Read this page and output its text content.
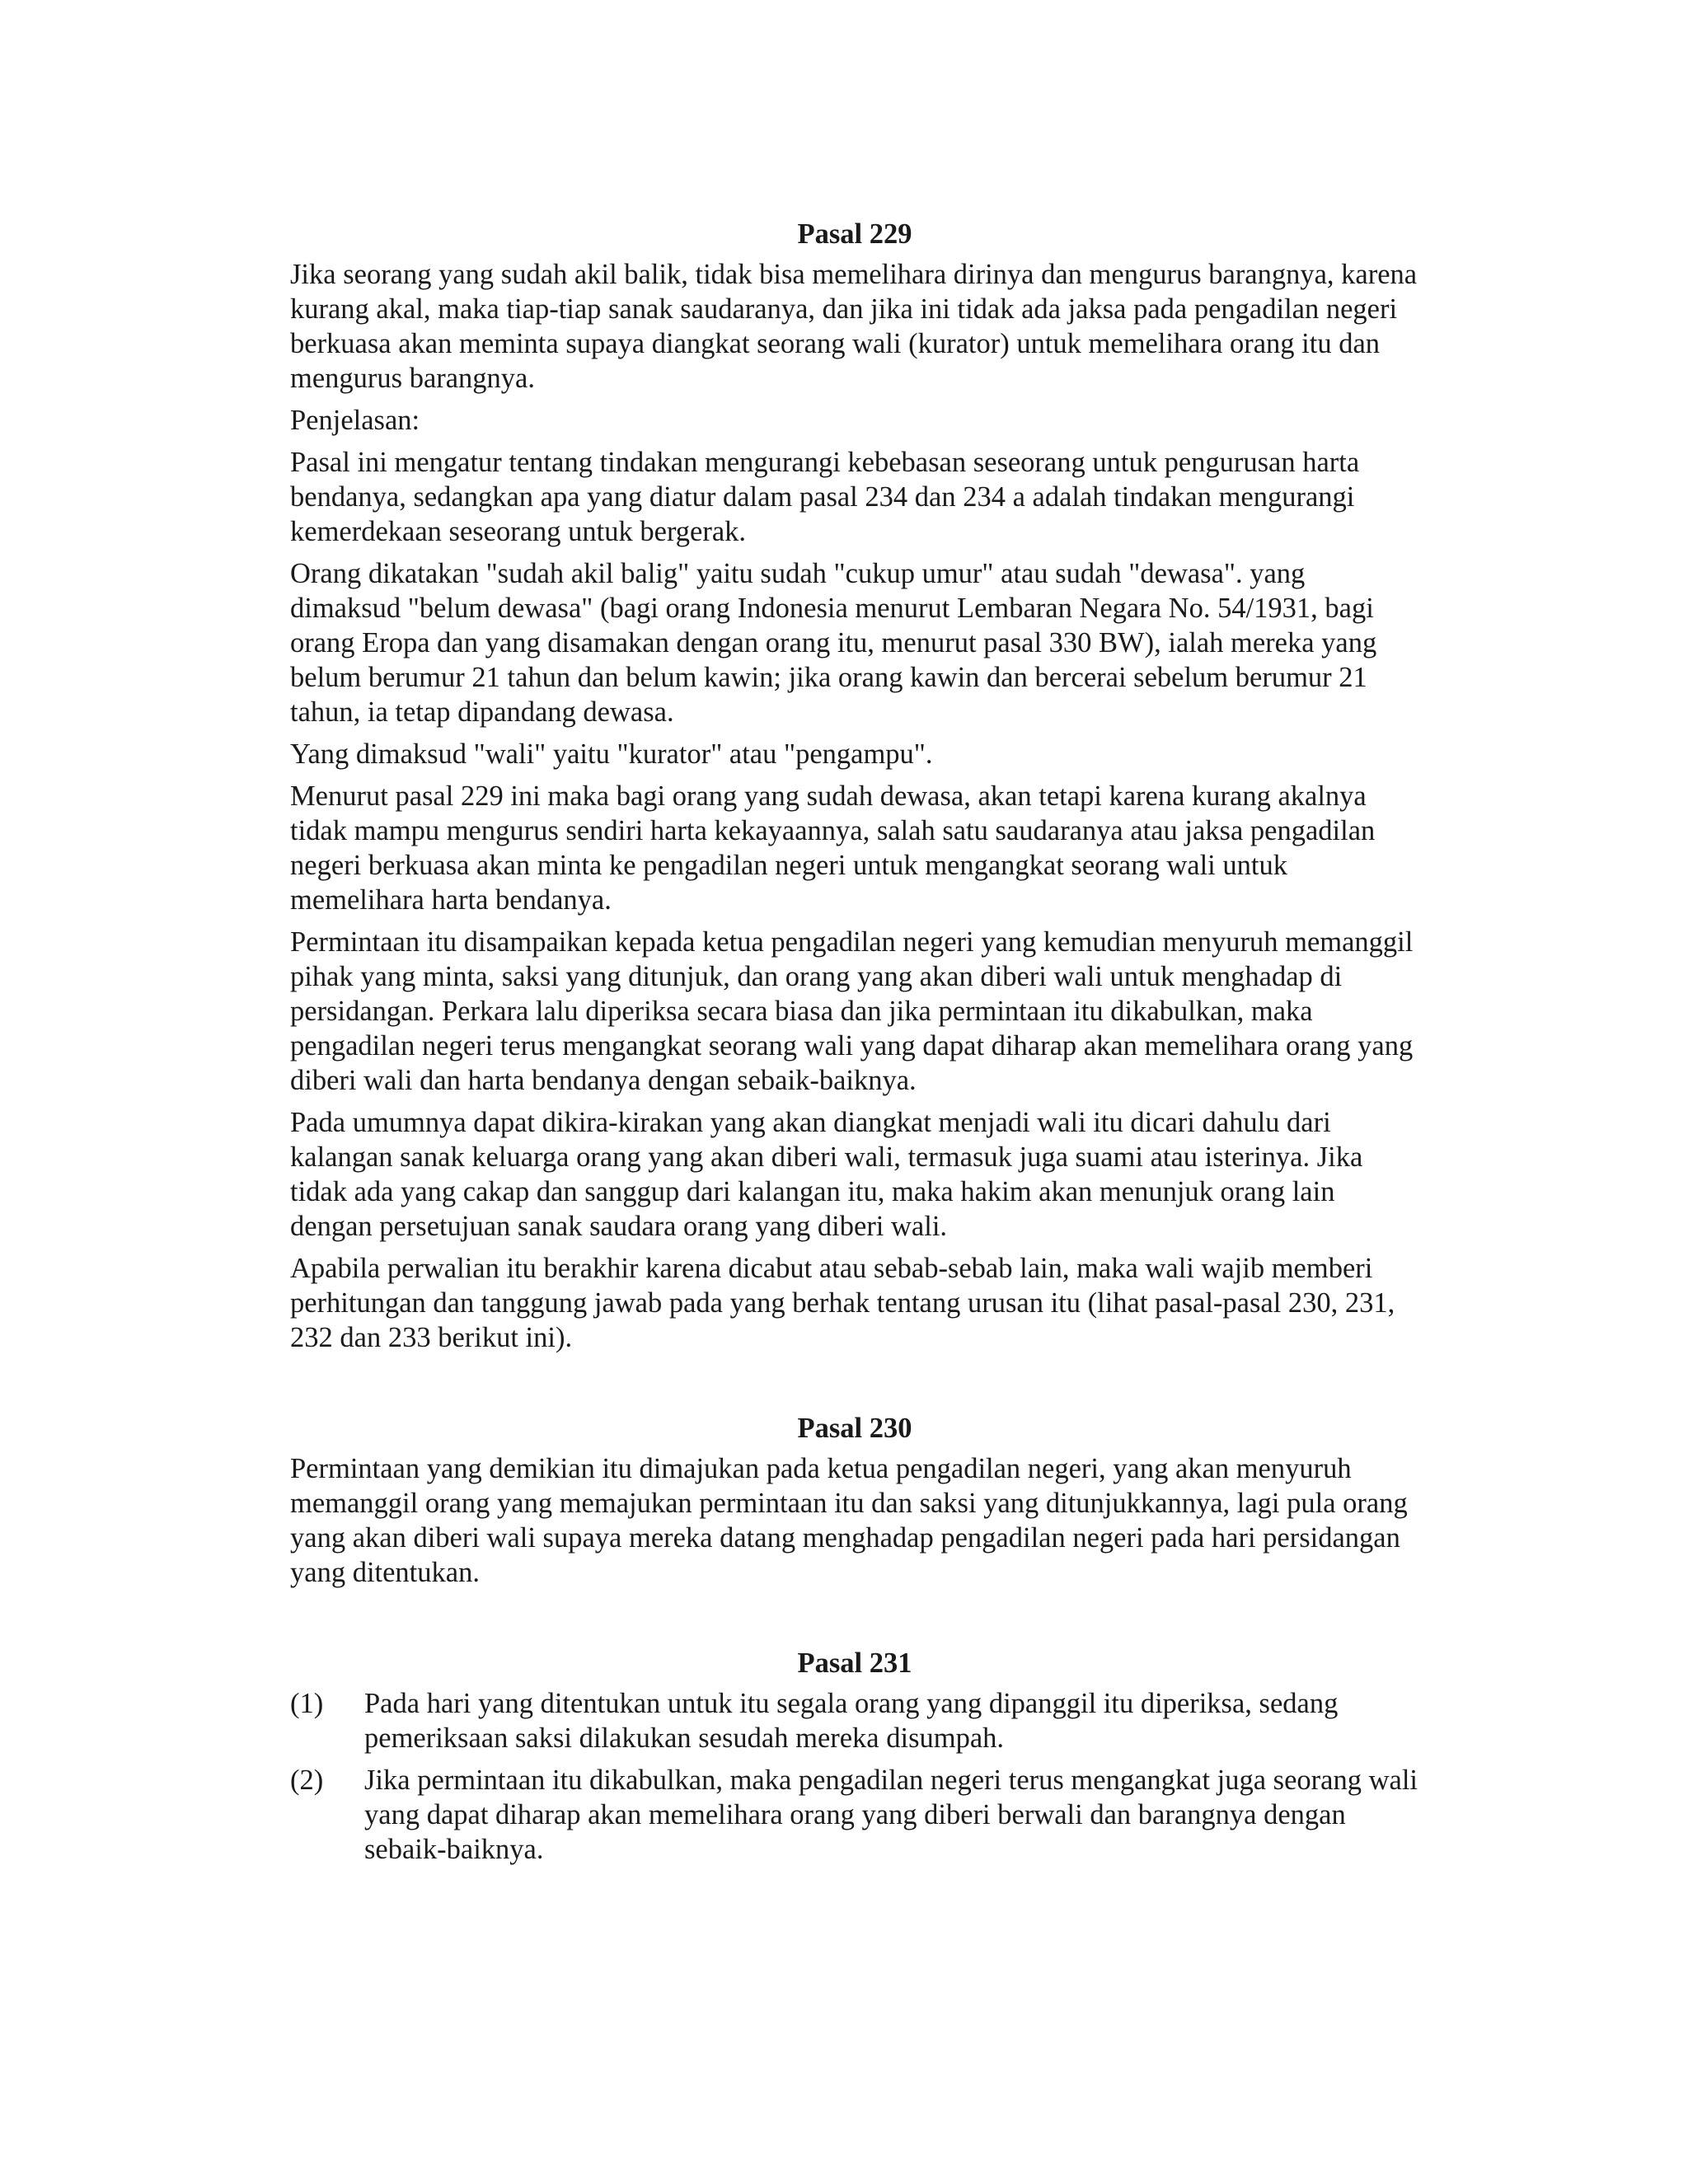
Pasal 229

Jika seorang yang sudah akil balik, tidak bisa memelihara dirinya dan mengurus barangnya, karena kurang akal, maka tiap-tiap sanak saudaranya, dan jika ini tidak ada jaksa pada pengadilan negeri berkuasa akan meminta supaya diangkat seorang wali (kurator) untuk memelihara orang itu dan mengurus barangnya.

Penjelasan:

Pasal ini mengatur tentang tindakan mengurangi kebebasan seseorang untuk pengurusan harta bendanya, sedangkan apa yang diatur dalam pasal 234 dan 234 a adalah tindakan mengurangi kemerdekaan seseorang untuk bergerak.

Orang dikatakan "sudah akil balig" yaitu sudah "cukup umur" atau sudah "dewasa". yang dimaksud "belum dewasa" (bagi orang Indonesia menurut Lembaran Negara No. 54/1931, bagi orang Eropa dan yang disamakan dengan orang itu, menurut pasal 330 BW), ialah mereka yang belum berumur 21 tahun dan belum kawin; jika orang kawin dan bercerai sebelum berumur 21 tahun, ia tetap dipandang dewasa.

Yang dimaksud "wali" yaitu "kurator" atau "pengampu".

Menurut pasal 229 ini maka bagi orang yang sudah dewasa, akan tetapi karena kurang akalnya tidak mampu mengurus sendiri harta kekayaannya, salah satu saudaranya atau jaksa pengadilan negeri berkuasa akan minta ke pengadilan negeri untuk mengangkat seorang wali untuk memelihara harta bendanya.

Permintaan itu disampaikan kepada ketua pengadilan negeri yang kemudian menyuruh memanggil pihak yang minta, saksi yang ditunjuk, dan orang yang akan diberi wali untuk menghadap di persidangan. Perkara lalu diperiksa secara biasa dan jika permintaan itu dikabulkan, maka pengadilan negeri terus mengangkat seorang wali yang dapat diharap akan memelihara orang yang diberi wali dan harta bendanya dengan sebaik-baiknya.

Pada umumnya dapat dikira-kirakan yang akan diangkat menjadi wali itu dicari dahulu dari kalangan sanak keluarga orang yang akan diberi wali, termasuk juga suami atau isterinya. Jika tidak ada yang cakap dan sanggup dari kalangan itu, maka hakim akan menunjuk orang lain dengan persetujuan sanak saudara orang yang diberi wali.

Apabila perwalian itu berakhir karena dicabut atau sebab-sebab lain, maka wali wajib memberi perhitungan dan tanggung jawab pada yang berhak tentang urusan itu (lihat pasal-pasal 230, 231, 232 dan 233 berikut ini).

Pasal 230

Permintaan yang demikian itu dimajukan pada ketua pengadilan negeri, yang akan menyuruh memanggil orang yang memajukan permintaan itu dan saksi yang ditunjukkannya, lagi pula orang yang akan diberi wali supaya mereka datang menghadap pengadilan negeri pada hari persidangan yang ditentukan.

Pasal 231
(1)	Pada hari yang ditentukan untuk itu segala orang yang dipanggil itu diperiksa, sedang pemeriksaan saksi dilakukan sesudah mereka disumpah.
(2)	Jika permintaan itu dikabulkan, maka pengadilan negeri terus mengangkat juga seorang wali yang dapat diharap akan memelihara orang yang diberi berwali dan barangnya dengan sebaik-baiknya.
